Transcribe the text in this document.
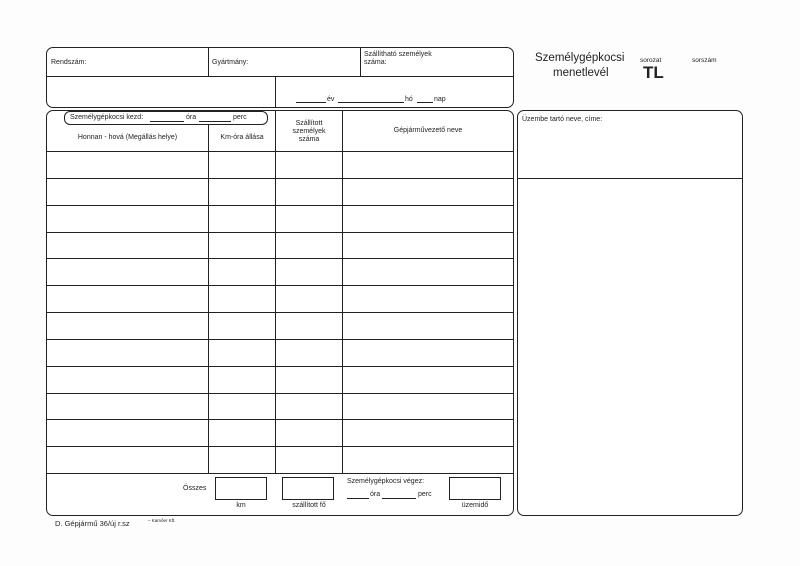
Rendszám:	Gyártmány:
Szállítható személyek
száma:
év	hó	nap
Személygépkocsi
menetlevél
sorozat
TL
sorszám
Személygépkocsi kezd:	óra	perc
Honnan - hová (Megállás helye)	Km-óra állása
Szállított
személyek
száma
Gépjárművezető neve
Összes
km	szállított fő
Személygépkocsi végez:
óra	perc
üzemidő
Üzembe tartó neve, címe:
D. Gépjármű 36/új r.sz	– Kamőer Kft.
